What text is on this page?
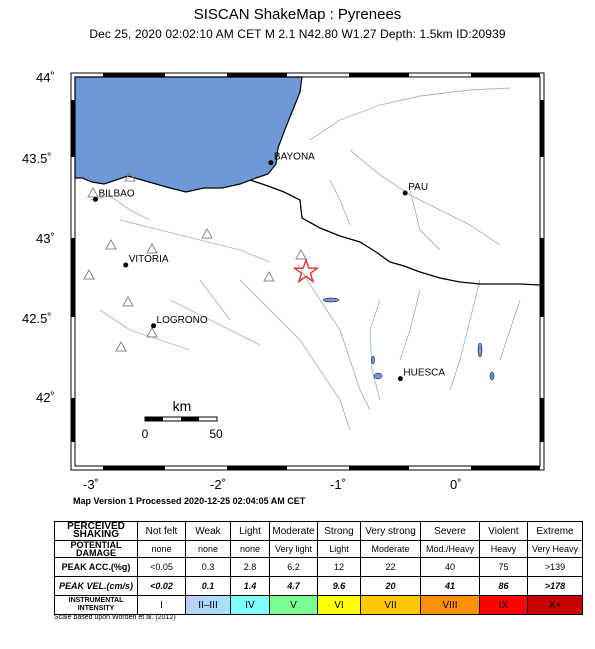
SISCAN ShakeMap : Pyrenees
Dec 25, 2020 02:02:10 AM CET M 2.1 N42.80 W1.27 Depth: 1.5km ID:20939
BAYONA
BILBAO
PAU
VITORIA
LOGRONO
HUESCA
km
0	50
44˚
43.5˚
43˚
42.5˚
42˚
-3˚	-2˚	-1˚	0˚
Map Version 1 Processed 2020-12-25 02:04:05 AM CET
PERCEIVED
SHAKING	Not felt	Weak	Light	Moderate	Strong	Very strong	Severe	Violent	Extreme
POTENTIAL
DAMAGE	none	none	none	Very light	Light	Moderate	Mod./Heavy	Heavy	Very Heavy
PEAK ACC.(%g)	<0.05	0.3	2.8	6.2	12	22	40	75	>139
PEAK VEL.(cm/s)	<0.02	0.1	1.4	4.7	9.6	20	41	86	>178
INSTRUMENTAL
INTENSITY	I	II–III	IV	V	VI	VII	VIII	IX	X+
Scale based upon Worden et al. (2012)
